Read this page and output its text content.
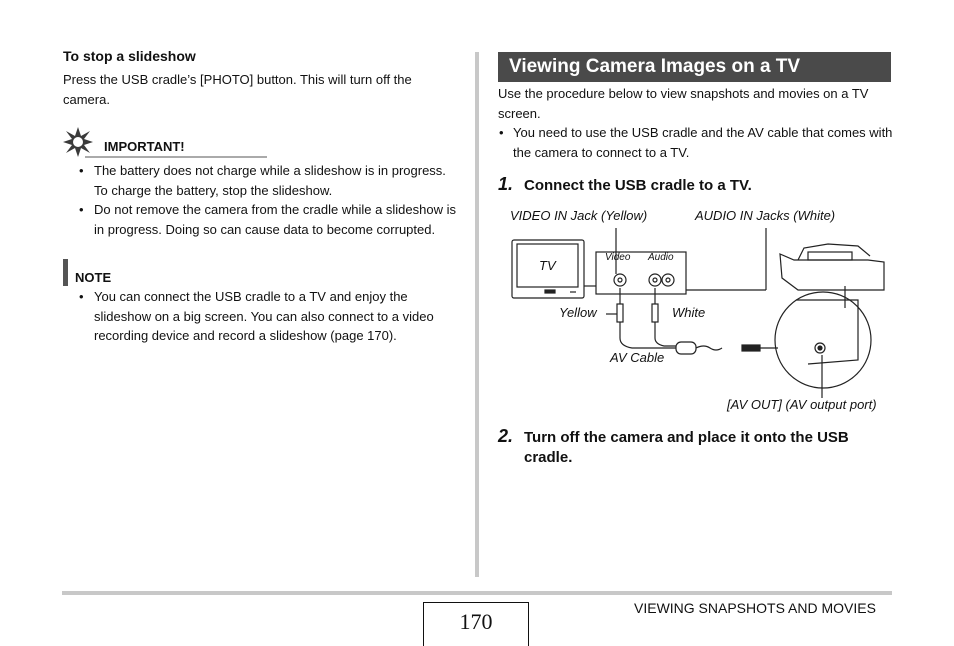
To stop a slideshow

Press the USB cradle’s [PHOTO] button. This will turn off the camera.

IMPORTANT!
• The battery does not charge while a slideshow is in progress. To charge the battery, stop the slideshow.
• Do not remove the camera from the cradle while a slideshow is in progress. Doing so can cause data to become corrupted.
NOTE
• You can connect the USB cradle to a TV and enjoy the slideshow on a big screen. You can also connect to a video recording device and record a slideshow (page 170).
Viewing Camera Images on a TV

Use the procedure below to view snapshots and movies on a TV screen.

• You need to use the USB cradle and the AV cable that comes with the camera to connect to a TV.
1. Connect the USB cradle to a TV.
VIDEO IN Jack (Yellow)	AUDIO IN Jacks (White)
TV
Video Audio
Yellow	White
AV Cable
[AV OUT] (AV output port)
2. Turn off the camera and place it onto the USB cradle.
170
VIEWING SNAPSHOTS AND MOVIES
